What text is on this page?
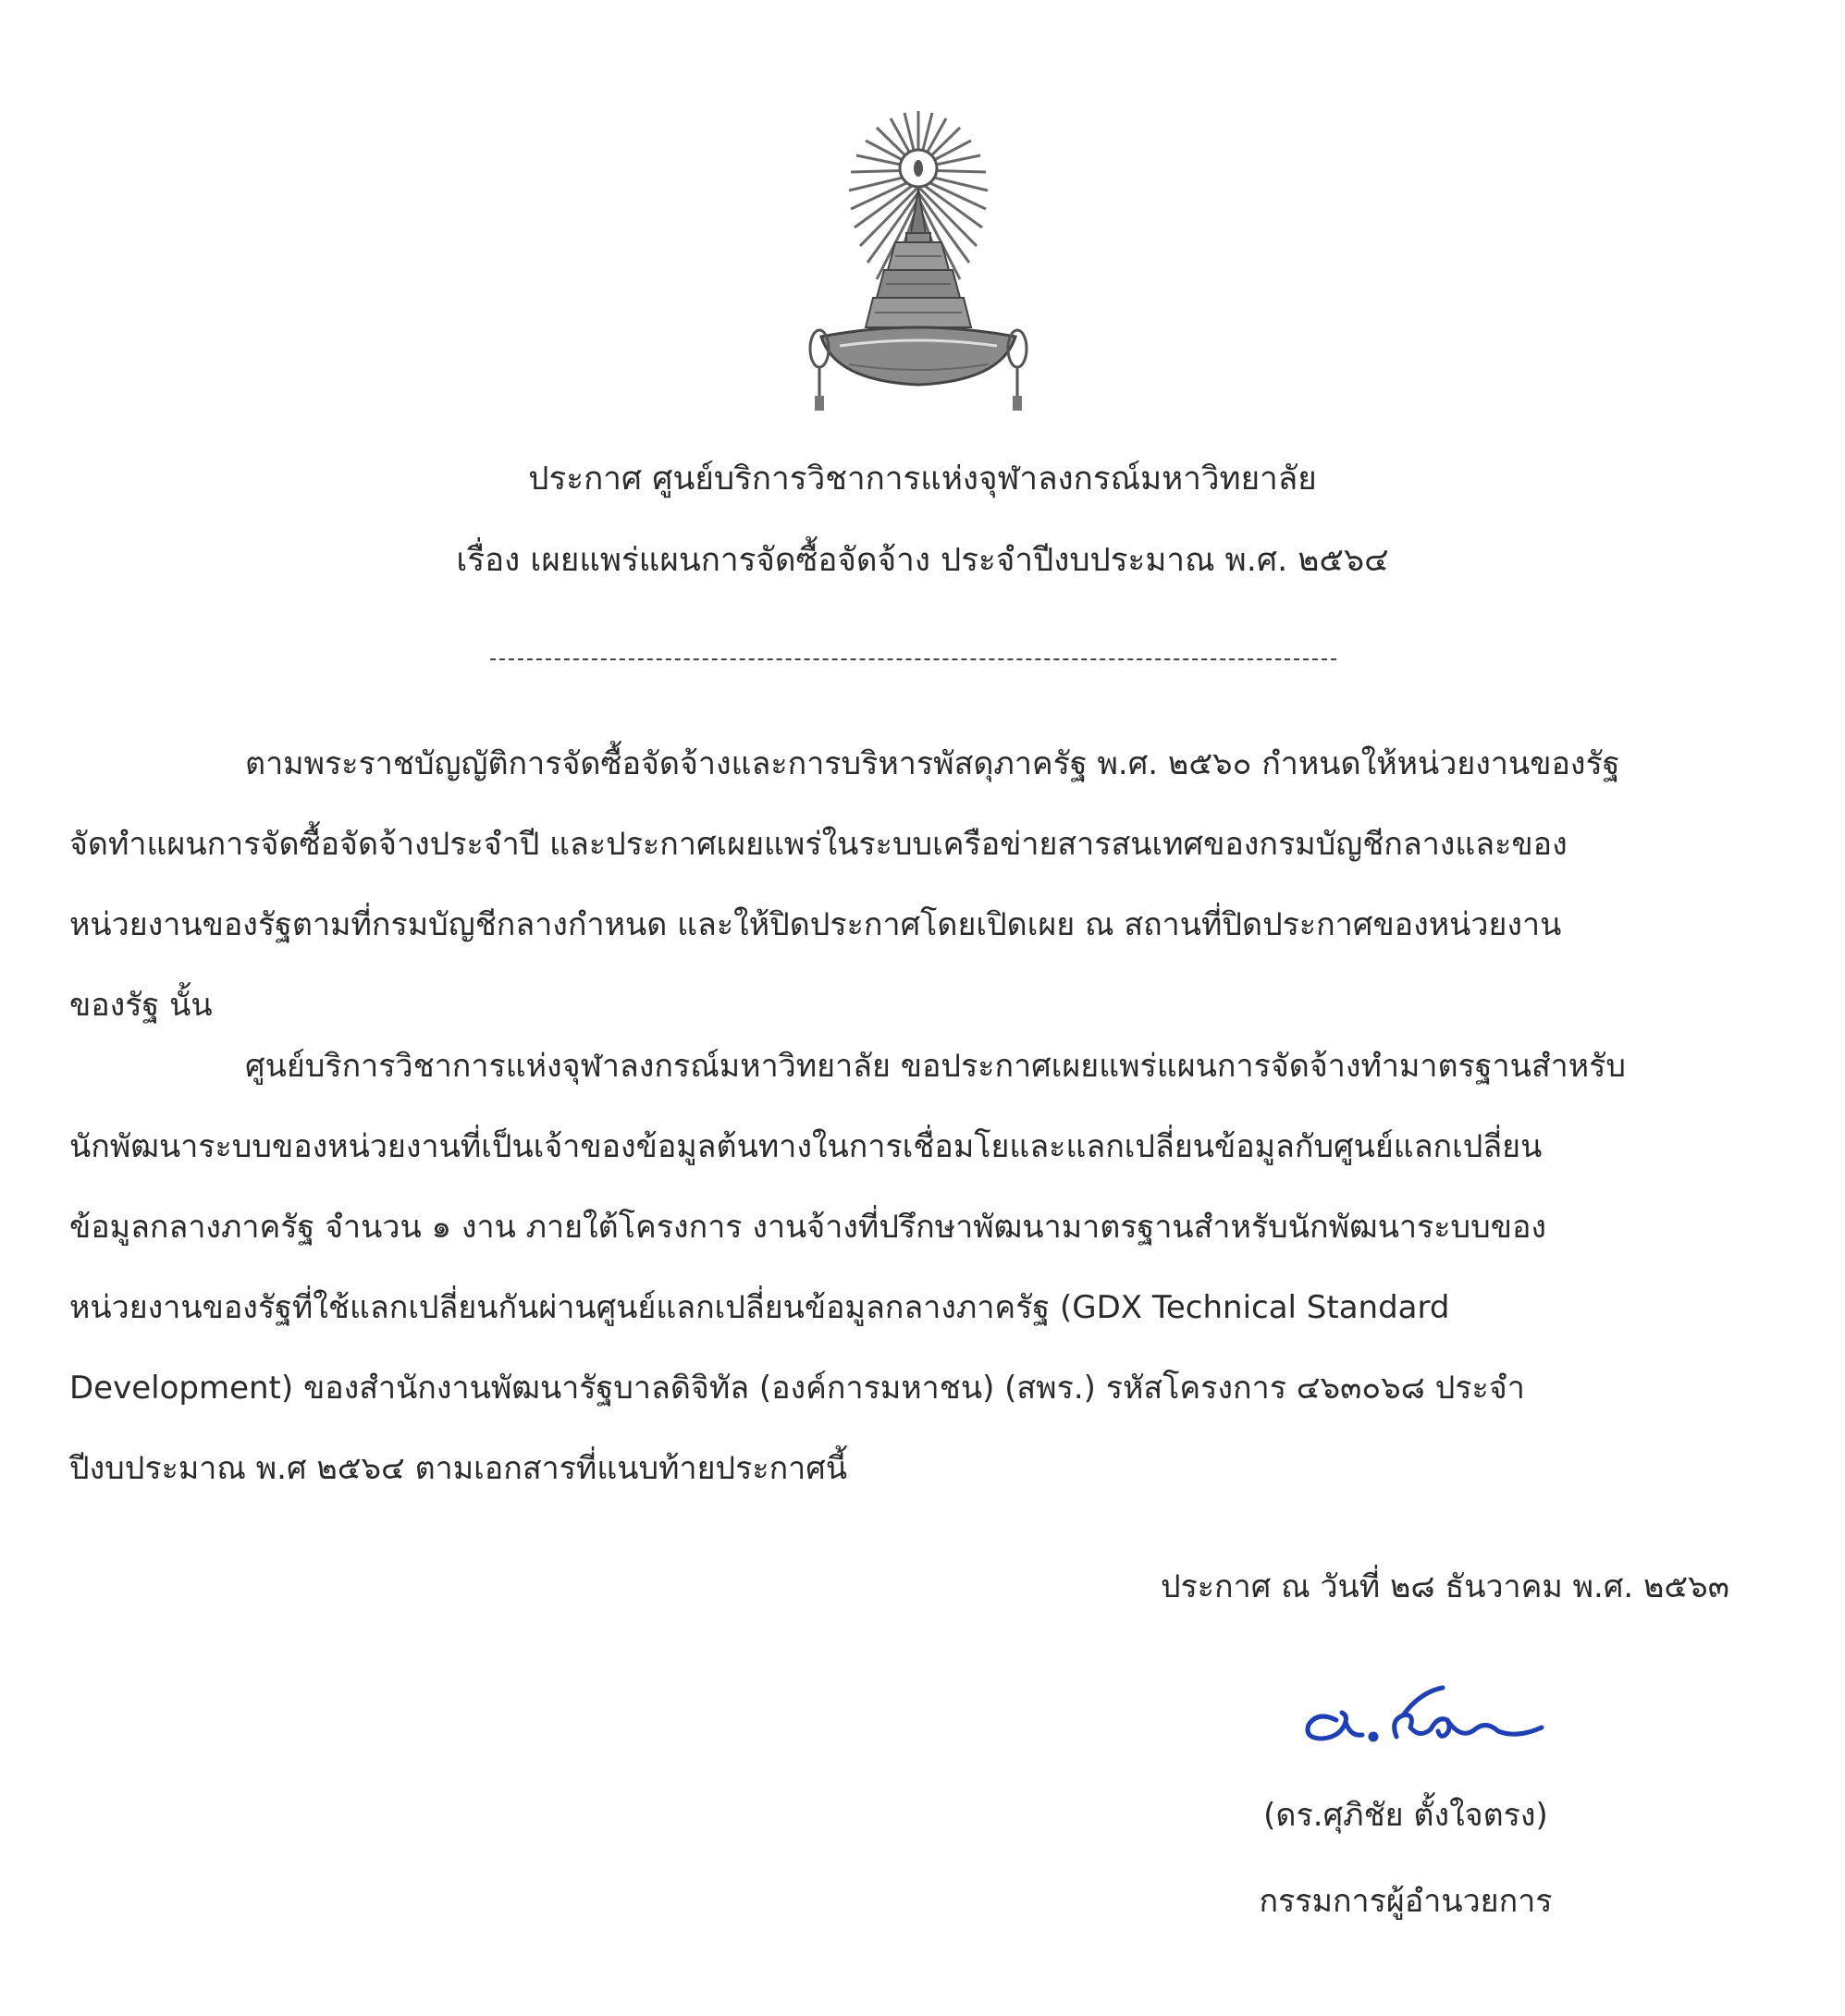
ประกาศ ศูนย์บริการวิชาการแห่งจุฬาลงกรณ์มหาวิทยาลัย
เรื่อง เผยแพร่แผนการจัดซื้อจัดจ้าง ประจำปีงบประมาณ พ.ศ. ๒๕๖๔
ตามพระราชบัญญัติการจัดซื้อจัดจ้างและการบริหารพัสดุภาครัฐ พ.ศ. ๒๕๖๐ กำหนดให้หน่วยงานของรัฐ
จัดทำแผนการจัดซื้อจัดจ้างประจำปี และประกาศเผยแพร่ในระบบเครือข่ายสารสนเทศของกรมบัญชีกลางและของ
หน่วยงานของรัฐตามที่กรมบัญชีกลางกำหนด และให้ปิดประกาศโดยเปิดเผย ณ สถานที่ปิดประกาศของหน่วยงาน
ของรัฐ นั้น
ศูนย์บริการวิชาการแห่งจุฬาลงกรณ์มหาวิทยาลัย ขอประกาศเผยแพร่แผนการจัดจ้างทำมาตรฐานสำหรับ
นักพัฒนาระบบของหน่วยงานที่เป็นเจ้าของข้อมูลต้นทางในการเชื่อมโยและแลกเปลี่ยนข้อมูลกับศูนย์แลกเปลี่ยน
ข้อมูลกลางภาครัฐ จำนวน ๑ งาน ภายใต้โครงการ งานจ้างที่ปรึกษาพัฒนามาตรฐานสำหรับนักพัฒนาระบบของ
หน่วยงานของรัฐที่ใช้แลกเปลี่ยนกันผ่านศูนย์แลกเปลี่ยนข้อมูลกลางภาครัฐ (GDX Technical Standard
Development) ของสำนักงานพัฒนารัฐบาลดิจิทัล (องค์การมหาชน) (สพร.) รหัสโครงการ ๔๖๓๐๖๘ ประจำ
ปีงบประมาณ พ.ศ ๒๕๖๔ ตามเอกสารที่แนบท้ายประกาศนี้
ประกาศ ณ วันที่ ๒๘ ธันวาคม พ.ศ. ๒๕๖๓
(ดร.ศุภิชัย ตั้งใจตรง)
กรรมการผู้อำนวยการ
